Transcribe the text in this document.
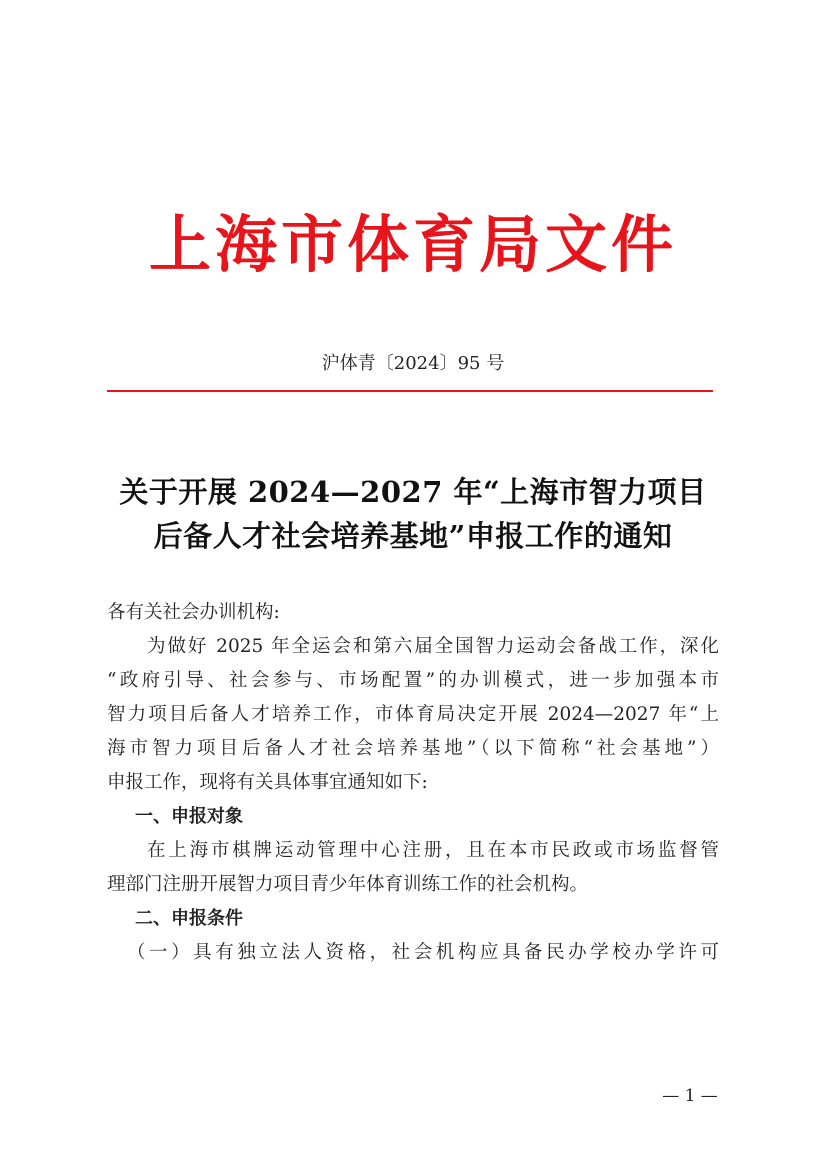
上海市体育局文件
沪体青〔2024〕95 号
关于开展 2024—2027 年“上海市智力项目
后备人才社会培养基地”申报工作的通知
各有关社会办训机构:
为做好 2025 年全运会和第六届全国智力运动会备战工作，深化
“政府引导、社会参与、市场配置”的办训模式，进一步加强本市
智力项目后备人才培养工作，市体育局决定开展 2024—2027 年“上
海市智力项目后备人才社会培养基地”（以下简称“社会基地”）
申报工作，现将有关具体事宜通知如下:
一、申报对象
在上海市棋牌运动管理中心注册，且在本市民政或市场监督管
理部门注册开展智力项目青少年体育训练工作的社会机构。
二、申报条件
（一）具有独立法人资格，社会机构应具备民办学校办学许可
— 1 —
